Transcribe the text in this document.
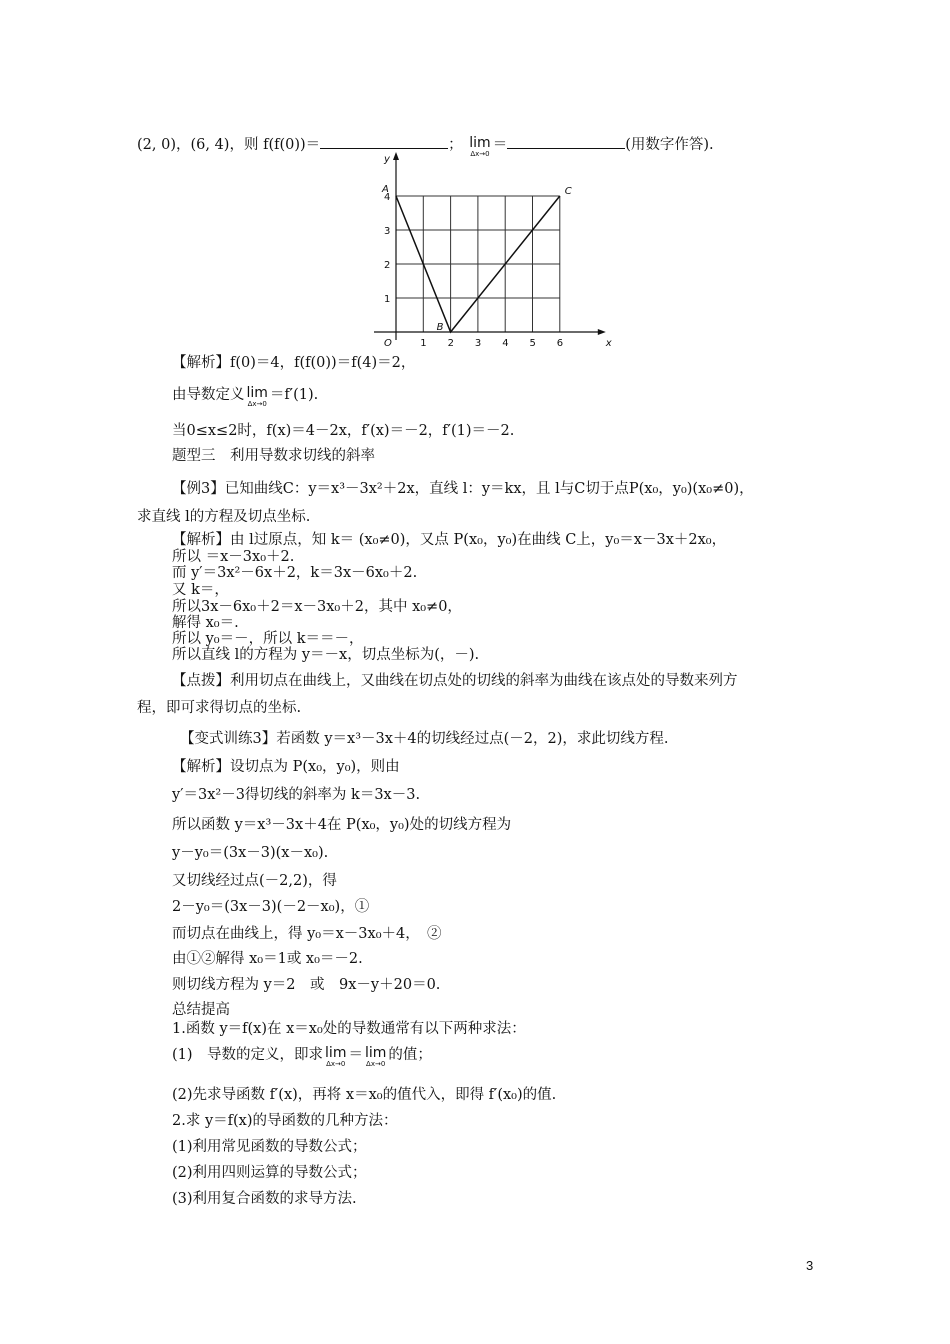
(2, 0)，(6, 4)，则 f(f(0))＝	； lim
Δx→0
＝	(用数字作答).
A
B
C
1 2 3 4 5 6
1
2
3
4
O	x
y
【解析】f(0)＝4，f(f(0))＝f(4)＝2，
由导数定义 lim
Δx→0
＝f′(1).
当0≤x≤2时，f(x)＝4－2x，f′(x)＝－2，f′(1)＝－2.
题型三　利用导数求切线的斜率
【例3】已知曲线C：y＝x³－3x²＋2x，直线 l：y＝kx，且 l与C切于点P(x₀，y₀)(x₀≠0)，
求直线 l的方程及切点坐标.
【解析】由 l过原点，知 k＝ (x₀≠0)，又点 P(x₀，y₀)在曲线 C上，y₀＝x－3x＋2x₀，
所以 ＝x－3x₀＋2.
而 y′＝3x²－6x＋2，k＝3x－6x₀＋2.
又 k＝，
所以3x－6x₀＋2＝x－3x₀＋2，其中 x₀≠0，
解得 x₀＝.
所以 y₀＝－，所以 k＝＝－，
所以直线 l的方程为 y＝－x，切点坐标为(，－).
【点拨】利用切点在曲线上，又曲线在切点处的切线的斜率为曲线在该点处的导数来列方
程，即可求得切点的坐标.
【变式训练3】若函数 y＝x³－3x＋4的切线经过点(－2，2)，求此切线方程.
【解析】设切点为 P(x₀，y₀)，则由
y′＝3x²－3得切线的斜率为 k＝3x－3.
所以函数 y＝x³－3x＋4在 P(x₀，y₀)处的切线方程为
y－y₀＝(3x－3)(x－x₀).
又切线经过点(－2,2)，得
2－y₀＝(3x－3)(－2－x₀)，①
而切点在曲线上，得 y₀＝x－3x₀＋4，　②
由①②解得 x₀＝1或 x₀＝－2.
则切线方程为 y＝2　或　9x－y＋20＝0.
总结提高
1.函数 y＝f(x)在 x＝x₀处的导数通常有以下两种求法：
(1)　导数的定义，即求 lim
Δx→0
＝ lim
Δx→0
的值；
(2)先求导函数 f′(x)，再将 x＝x₀的值代入，即得 f′(x₀)的值.
2.求 y＝f(x)的导函数的几种方法：
(1)利用常见函数的导数公式；
(2)利用四则运算的导数公式；
(3)利用复合函数的求导方法.
3
